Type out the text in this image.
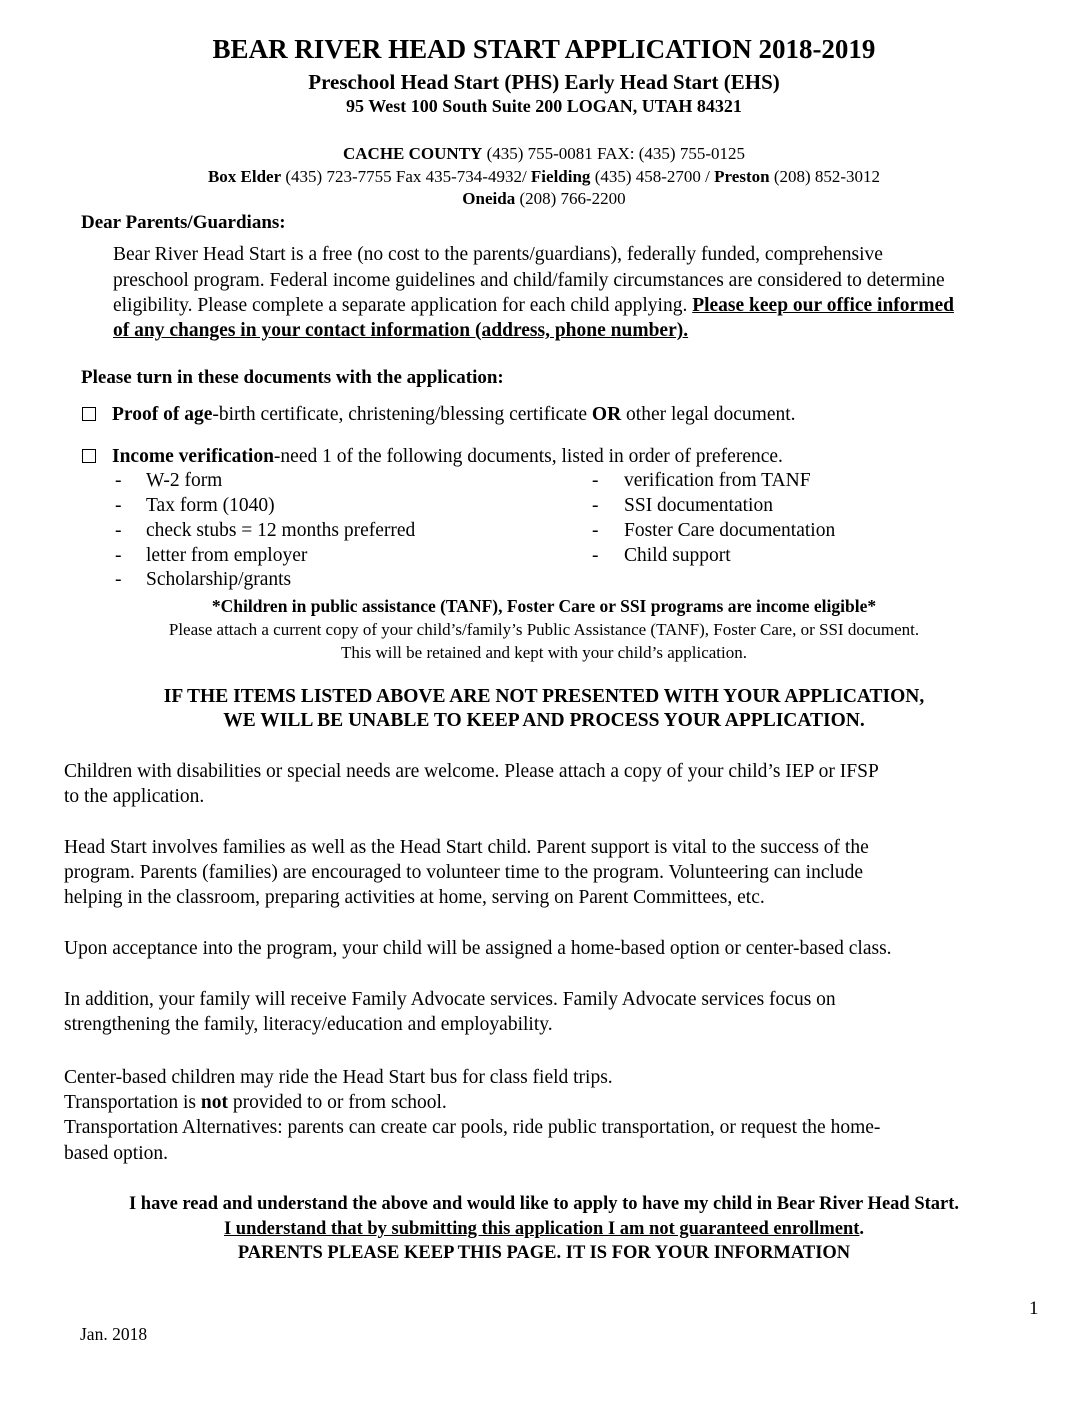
BEAR RIVER HEAD START APPLICATION 2018-2019
Preschool Head Start (PHS) Early Head Start (EHS)
95 West 100 South Suite 200 LOGAN, UTAH 84321
CACHE COUNTY (435) 755-0081 FAX: (435) 755-0125
Box Elder (435) 723-7755 Fax 435-734-4932/ Fielding (435) 458-2700 / Preston (208) 852-3012
Oneida (208) 766-2200
Dear Parents/Guardians:
Bear River Head Start is a free (no cost to the parents/guardians), federally funded, comprehensive
preschool program. Federal income guidelines and child/family circumstances are considered to determine
eligibility. Please complete a separate application for each child applying. Please keep our office informed
of any changes in your contact information (address, phone number).
Please turn in these documents with the application:
Proof of age-birth certificate, christening/blessing certificate OR other legal document.
Income verification-need 1 of the following documents, listed in order of preference.
- W-2 form
- Tax form (1040)
- check stubs = 12 months preferred
- letter from employer
- Scholarship/grants
- verification from TANF
- SSI documentation
- Foster Care documentation
- Child support
*Children in public assistance (TANF), Foster Care or SSI programs are income eligible*
Please attach a current copy of your child’s/family’s Public Assistance (TANF), Foster Care, or SSI document.
This will be retained and kept with your child’s application.
IF THE ITEMS LISTED ABOVE ARE NOT PRESENTED WITH YOUR APPLICATION,
WE WILL BE UNABLE TO KEEP AND PROCESS YOUR APPLICATION.
Children with disabilities or special needs are welcome. Please attach a copy of your child’s IEP or IFSP
to the application.
Head Start involves families as well as the Head Start child. Parent support is vital to the success of the
program. Parents (families) are encouraged to volunteer time to the program. Volunteering can include
helping in the classroom, preparing activities at home, serving on Parent Committees, etc.
Upon acceptance into the program, your child will be assigned a home-based option or center-based class.
In addition, your family will receive Family Advocate services. Family Advocate services focus on
strengthening the family, literacy/education and employability.
Center-based children may ride the Head Start bus for class field trips.
Transportation is not provided to or from school.
Transportation Alternatives: parents can create car pools, ride public transportation, or request the home-
based option.
I have read and understand the above and would like to apply to have my child in Bear River Head Start.
I understand that by submitting this application I am not guaranteed enrollment.
PARENTS PLEASE KEEP THIS PAGE. IT IS FOR YOUR INFORMATION
1
Jan. 2018
